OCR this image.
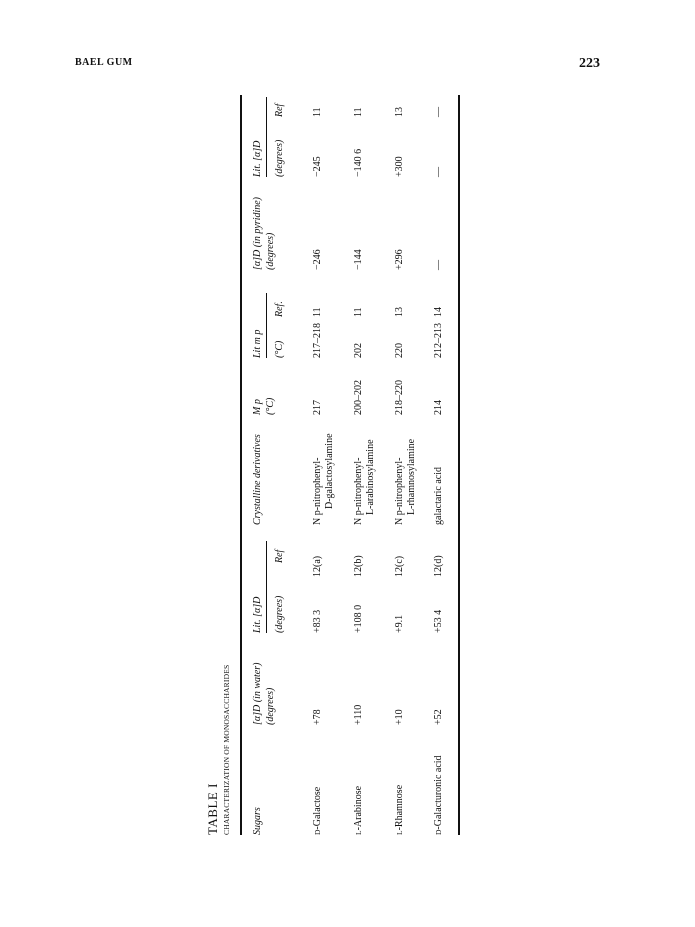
BAEL GUM	223
TABLE I CHARACTERIZATION OF MONOSACCHARIDES Sugars
[α]D (in water) (degrees)
Lit. [α]D (degrees)
Ref
Crystalline derivatives
M p (°C)
Lit m p (°C)
Ref.
[α]D (in pyridine) (degrees)
Lit. [α]D (degrees)
Ref
D-Galactose
+78
+83 3
12(a)
N p-nitrophenyl- D-galactosylamine
217
217–218
11
−246
−245
11
L-Arabinose
+110
+108 0
12(b)
N p-nitrophenyl- L-arabinosylamine
200–202
202
11
−144
−140 6
11
L-Rhamnose
+10
+9.1
12(c)
N p-nitrophenyl- L-rhamnosylamine
218–220
220
13
+296
+300
13
D-Galacturonic acid
+52
+53 4
12(d)
galactaric acid
214
212–213
14
—
—
—
